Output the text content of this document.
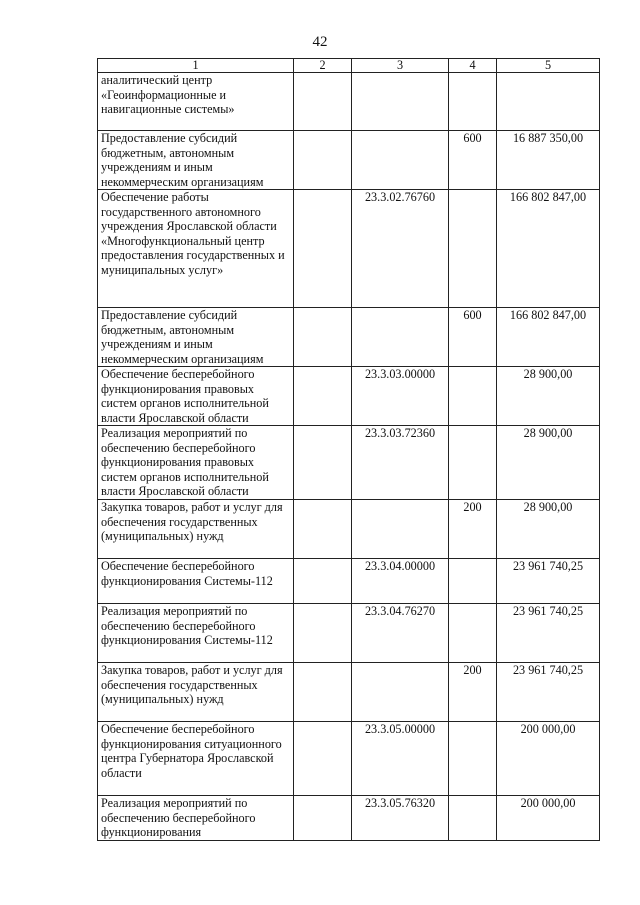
42
1	2	3	4	5
аналитический центр «Геоинформационные и навигационные системы»				
Предоставление субсидий бюджетным, автономным учреждениям и иным некоммерческим организациям			600	16 887 350,00
Обеспечение работы государственного автономного учреждения Ярославской области «Многофункциональный центр предоставления государственных и муниципальных услуг»		23.3.02.76760		166 802 847,00
Предоставление субсидий бюджетным, автономным учреждениям и иным некоммерческим организациям			600	166 802 847,00
Обеспечение бесперебойного функционирования правовых систем органов исполнительной власти Ярославской области		23.3.03.00000		28 900,00
Реализация мероприятий по обеспечению бесперебойного функционирования правовых систем органов исполнительной власти Ярославской области		23.3.03.72360		28 900,00
Закупка товаров, работ и услуг для обеспечения государственных (муниципальных) нужд			200	28 900,00
Обеспечение бесперебойного функционирования Системы-112		23.3.04.00000		23 961 740,25
Реализация мероприятий по обеспечению бесперебойного функционирования Системы-112		23.3.04.76270		23 961 740,25
Закупка товаров, работ и услуг для обеспечения государственных (муниципальных) нужд			200	23 961 740,25
Обеспечение бесперебойного функционирования ситуационного центра Губернатора Ярославской области		23.3.05.00000		200 000,00
Реализация мероприятий по обеспечению бесперебойного функционирования		23.3.05.76320		200 000,00
